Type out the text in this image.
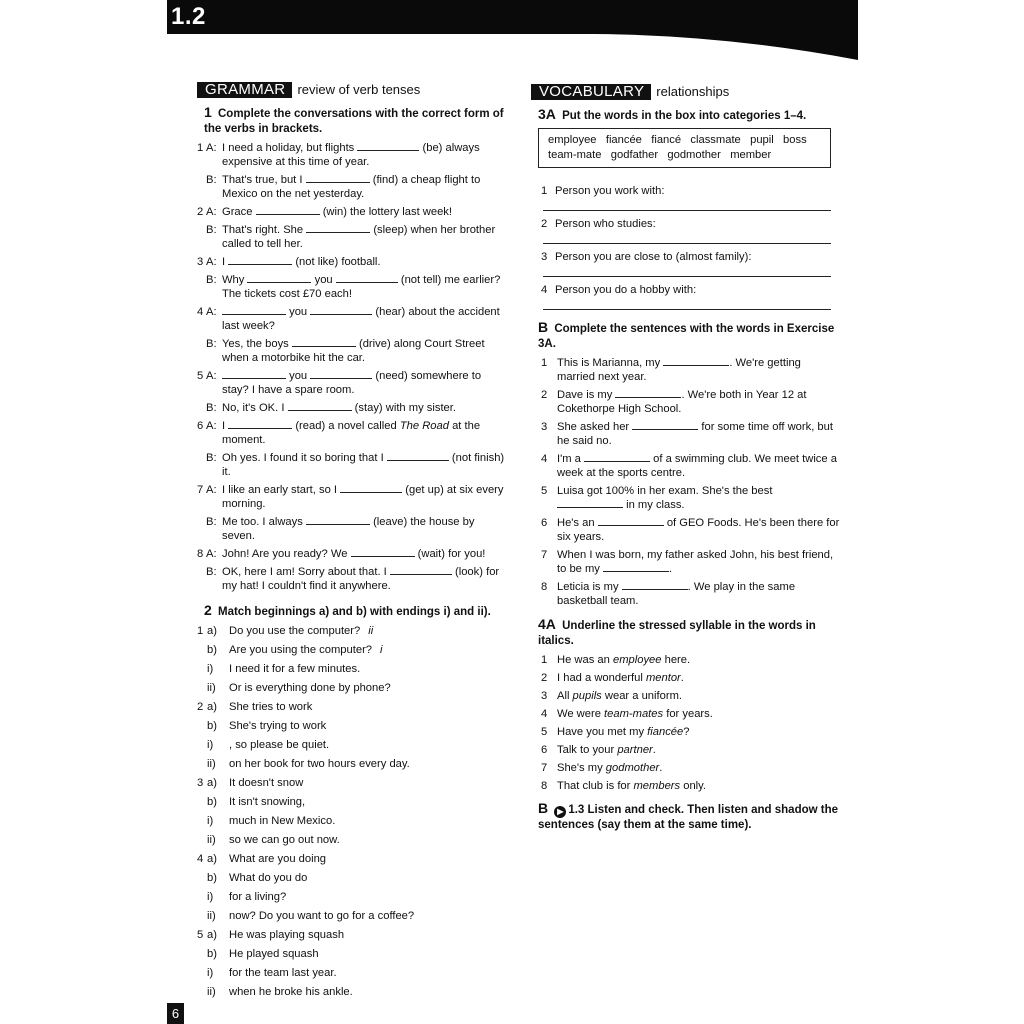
1.2
6
GRAMMAR review of verb tenses
1 Complete the conversations with the correct form of the verbs in brackets.
1 A: I need a holiday, but flights	(be) always expensive at this time of year.
B: That's true, but I	(find) a cheap flight to Mexico on the net yesterday.
2 A: Grace	(win) the lottery last week!
B: That's right. She	(sleep) when her brother called to tell her.
3 A: I	(not like) football.
B: Why	you	(not tell) me earlier? The tickets cost £70 each!
4 A:	you	(hear) about the accident last week?
B: Yes, the boys	(drive) along Court Street when a motorbike hit the car.
5 A:	you	(need) somewhere to stay? I have a spare room.
B: No, it's OK. I	(stay) with my sister.
6 A: I	(read) a novel called The Road at the moment.
B: Oh yes. I found it so boring that I	(not finish) it.
7 A: I like an early start, so I	(get up) at six every morning.
B: Me too. I always	(leave) the house by seven.
8 A: John! Are you ready? We	(wait) for you!
B: OK, here I am! Sorry about that. I	(look) for my hat! I couldn't find it anywhere.
2 Match beginnings a) and b) with endings i) and ii).
1 a)	Do you use the computer? ii
b)	Are you using the computer? i
i)	I need it for a few minutes.
ii)	Or is everything done by phone?
2 a)	She tries to work
b)	She's trying to work
i)	, so please be quiet.
ii)	on her book for two hours every day.
3 a)	It doesn't snow
b)	It isn't snowing,
i)	much in New Mexico.
ii)	so we can go out now.
4 a)	What are you doing
b)	What do you do
i)	for a living?
ii)	now? Do you want to go for a coffee?
5 a)	He was playing squash
b)	He played squash
i)	for the team last year.
ii)	when he broke his ankle.
VOCABULARY relationships
3A Put the words in the box into categories 1–4.
employee   fiancée   fiancé   classmate   pupil   boss
team-mate   godfather   godmother   member
1 Person you work with:
2 Person who studies:
3 Person you are close to (almost family):
4 Person you do a hobby with:
B Complete the sentences with the words in Exercise 3A.
1 This is Marianna, my	. We're getting married next year.
2 Dave is my	. We're both in Year 12 at Cokethorpe High School.
3 She asked her	for some time off work, but he said no.
4 I'm a	of a swimming club. We meet twice a week at the sports centre.
5 Luisa got 100% in her exam. She's the best  in my class.
6 He's an	of GEO Foods. He's been there for six years.
7 When I was born, my father asked John, his best friend, to be my	.
8 Leticia is my	. We play in the same basketball team.
4A Underline the stressed syllable in the words in italics.
1 He was an employee here.
2 I had a wonderful mentor.
3 All pupils wear a uniform.
4 We were team-mates for years.
5 Have you met my fiancée?
6 Talk to your partner.
7 She's my godmother.
8 That club is for members only.
B ▶ 1.3 Listen and check. Then listen and shadow the sentences (say them at the same time).
